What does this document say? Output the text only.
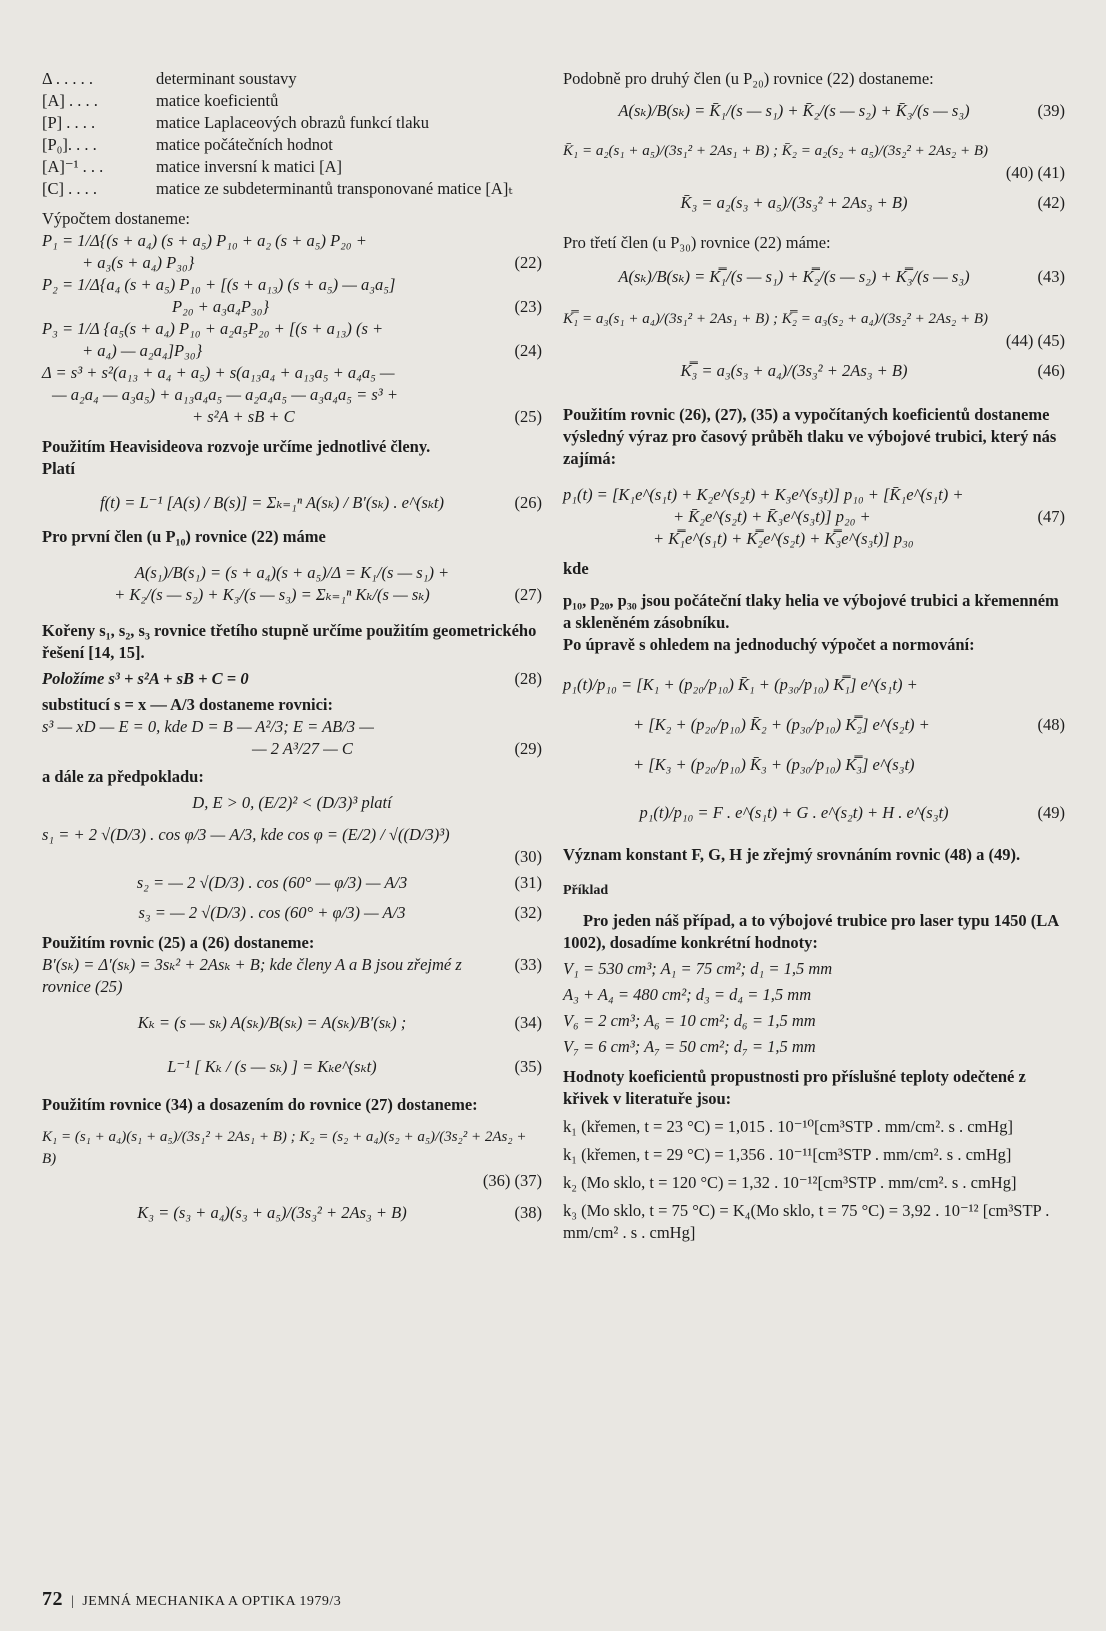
Δ . . . . .	determinant soustavy
[A] . . . .	matice koeficientů
[P] . . . .	matice Laplaceových obrazů funkcí tlaku
[P₀]. . . .	matice počátečních hodnot
[A]⁻¹ . . .	matice inversní k matici [A]
[C] . . . .	matice ze subdeterminantů transponované matice [A]ₜ

Výpočtem dostaneme:

P₁ = 1/Δ{(s + a₄) (s + a₅) P₁₀ + a₂ (s + a₅) P₂₀ +
+ a₃(s + a₄) P₃₀}	(22)
P₂ = 1/Δ{a₄ (s + a₅) P₁₀ + [(s + a₁₃) (s + a₅) — a₃a₅]
P₂₀ + a₃a₄P₃₀}	(23)
P₃ = 1/Δ {a₅(s + a₄) P₁₀ + a₂a₅P₂₀ + [(s + a₁₃) (s +
+ a₄) — a₂a₄]P₃₀}	(24)
Δ = s³ + s²(a₁₃ + a₄ + a₅) + s(a₁₃a₄ + a₁₃a₅ + a₄a₅ —
— a₂a₄ — a₃a₅) + a₁₃a₄a₅ — a₂a₄a₅ — a₃a₄a₅ = s³ +
+ s²A + sB + C	(25)

Použitím Heavisideova rozvoje určíme jednotlivé členy.

Platí

f(t) = L⁻¹ [A(s) / B(s)] = Σₖ₌₁ⁿ A(sₖ) / B′(sₖ) . e^(sₖt)	(26)

Pro první člen (u P₁₀) rovnice (22) máme

A(s₁)/B(s₁) = (s + a₄)(s + a₅)/Δ = K₁/(s — s₁) +
+ K₂/(s — s₂) + K₃/(s — s₃) = Σₖ₌₁ⁿ Kₖ/(s — sₖ)	(27)

Kořeny s₁, s₂, s₃ rovnice třetího stupně určíme použitím geometrického řešení [14, 15].

Položíme s³ + s²A + sB + C = 0	(28)

substitucí s = x — A/3 dostaneme rovnici:

s³ — xD — E = 0, kde D = B — A²/3; E = AB/3 —
— 2 A³/27 — C	(29)

a dále za předpokladu:

D, E > 0, (E/2)² < (D/3)³ platí

s₁ = + 2 √(D/3) . cos φ/3 — A/3, kde cos φ = (E/2) / √((D/3)³)
(30)
s₂ = — 2 √(D/3) . cos (60° — φ/3) — A/3	(31)
s₃ = — 2 √(D/3) . cos (60° + φ/3) — A/3	(32)

Použitím rovnic (25) a (26) dostaneme:

B′(sₖ) = Δ′(sₖ) = 3sₖ² + 2Asₖ + B; kde členy A a B jsou zřejmé z rovnice (25)
(33)
Kₖ = (s — sₖ) A(sₖ)/B(sₖ) = A(sₖ)/B′(sₖ) ;	(34)
L⁻¹ [ Kₖ / (s — sₖ) ] = Kₖe^(sₖt)	(35)

Použitím rovnice (34) a dosazením do rovnice (27) dostaneme:

K₁ = (s₁ + a₄)(s₁ + a₅)/(3s₁² + 2As₁ + B) ; K₂ = (s₂ + a₄)(s₂ + a₅)/(3s₂² + 2As₂ + B)
(36) (37)
K₃ = (s₃ + a₄)(s₃ + a₅)/(3s₃² + 2As₃ + B)	(38)

Podobně pro druhý člen (u P₂₀) rovnice (22) dostaneme:

A(sₖ)/B(sₖ) = K̄₁/(s — s₁) + K̄₂/(s — s₂) + K̄₃/(s — s₃)	(39)
K̄₁ = a₂(s₁ + a₅)/(3s₁² + 2As₁ + B) ; K̄₂ = a₂(s₂ + a₅)/(3s₂² + 2As₂ + B)
(40) (41)
K̄₃ = a₂(s₃ + a₅)/(3s₃² + 2As₃ + B)	(42)

Pro třetí člen (u P₃₀) rovnice (22) máme:

A(sₖ)/B(sₖ) = K̿₁/(s — s₁) + K̿₂/(s — s₂) + K̿₃/(s — s₃)	(43)
K̿₁ = a₃(s₁ + a₄)/(3s₁² + 2As₁ + B) ; K̿₂ = a₃(s₂ + a₄)/(3s₂² + 2As₂ + B)
(44) (45)
K̿₃ = a₃(s₃ + a₄)/(3s₃² + 2As₃ + B)	(46)

Použitím rovnic (26), (27), (35) a vypočítaných koeficientů dostaneme výsledný výraz pro časový průběh tlaku ve výbojové trubici, který nás zajímá:

p₁(t) = [K₁e^(s₁t) + K₂e^(s₂t) + K₃e^(s₃t)] p₁₀ + [K̄₁e^(s₁t) +
+ K̄₂e^(s₂t) + K̄₃e^(s₃t)] p₂₀ +	(47)
+ K̿₁e^(s₁t) + K̿₂e^(s₂t) + K̿₃e^(s₃t)] p₃₀

kde

p₁₀, p₂₀, p₃₀ jsou počáteční tlaky helia ve výbojové trubici a křemenném a skleněném zásobníku.

Po úpravě s ohledem na jednoduchý výpočet a normování:

p₁(t)/p₁₀ = [K₁ + (p₂₀/p₁₀) K̄₁ + (p₃₀/p₁₀) K̿₁] e^(s₁t) +
+ [K₂ + (p₂₀/p₁₀) K̄₂ + (p₃₀/p₁₀) K̿₂] e^(s₂t) +	(48)
+ [K₃ + (p₂₀/p₁₀) K̄₃ + (p₃₀/p₁₀) K̿₃] e^(s₃t)
p₁(t)/p₁₀ = F . e^(s₁t) + G . e^(s₂t) + H . e^(s₃t)	(49)

Význam konstant F, G, H je zřejmý srovnáním rovnic (48) a (49).

Příklad

Pro jeden náš případ, a to výbojové trubice pro laser typu 1450 (LA 1002), dosadíme konkrétní hodnoty:

V₁ = 530 cm³; A₁ = 75 cm²; d₁ = 1,5 mm

A₃ + A₄ = 480 cm²; d₃ = d₄ = 1,5 mm

V₆ = 2 cm³; A₆ = 10 cm²; d₆ = 1,5 mm

V₇ = 6 cm³; A₇ = 50 cm²; d₇ = 1,5 mm

Hodnoty koeficientů propustnosti pro příslušné teploty odečtené z křivek v literatuře jsou:

k₁ (křemen, t = 23 °C) = 1,015 . 10⁻¹⁰[cm³STP . mm/cm². s . cmHg]

k₁ (křemen, t = 29 °C) = 1,356 . 10⁻¹¹[cm³STP . mm/cm². s . cmHg]

k₂ (Mo sklo, t = 120 °C) = 1,32 . 10⁻¹²[cm³STP . mm/cm². s . cmHg]

k₃ (Mo sklo, t = 75 °C) = K₄(Mo sklo, t = 75 °C) = 3,92 . 10⁻¹² [cm³STP . mm/cm² . s . cmHg]

72 | JEMNÁ MECHANIKA A OPTIKA 1979/3
